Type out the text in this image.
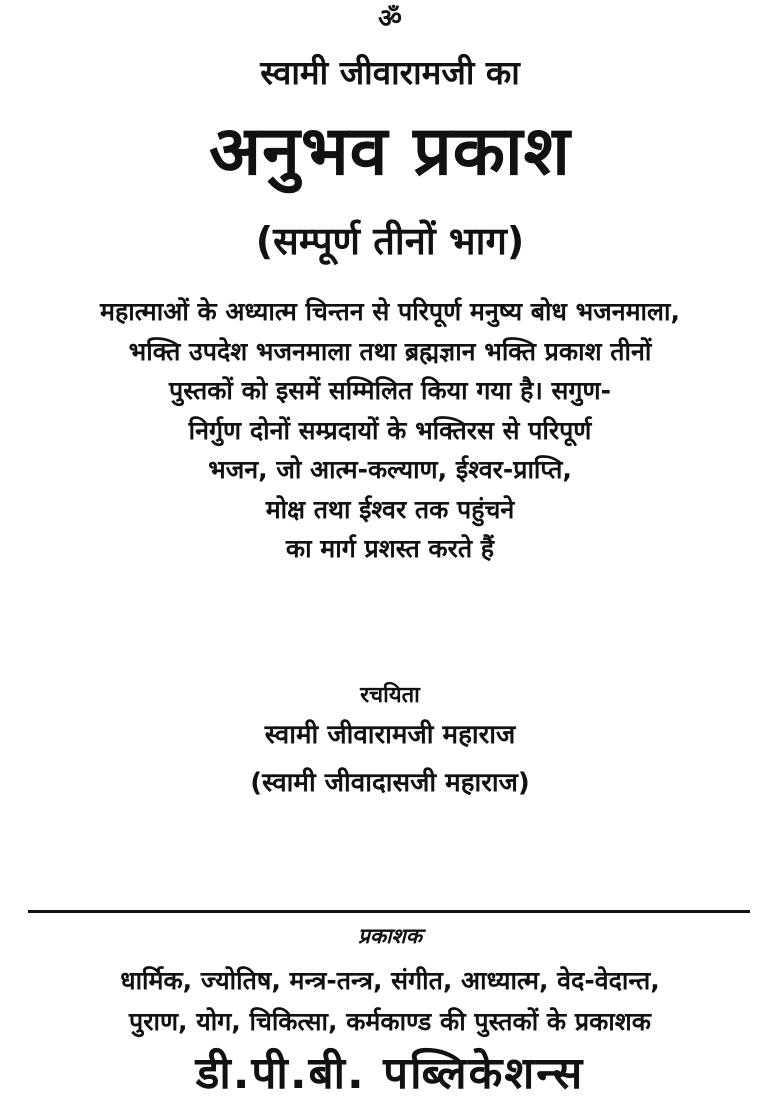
ॐ
स्वामी जीवारामजी का
अनुभव प्रकाश
(सम्पूर्ण तीनों भाग)
महात्माओं के अध्यात्म चिन्तन से परिपूर्ण मनुष्य बोध भजनमाला,
भक्ति उपदेश भजनमाला तथा ब्रह्मज्ञान भक्ति प्रकाश तीनों
पुस्तकों को इसमें सम्मिलित किया गया है। सगुण-
निर्गुण दोनों सम्प्रदायों के भक्तिरस से परिपूर्ण
भजन, जो आत्म-कल्याण, ईश्वर-प्राप्ति,
मोक्ष तथा ईश्वर तक पहुंचने
का मार्ग प्रशस्त करते हैं
रचयिता
स्वामी जीवारामजी महाराज
(स्वामी जीवादासजी महाराज)
प्रकाशक
धार्मिक, ज्योतिष, मन्त्र-तन्त्र, संगीत, आध्यात्म, वेद-वेदान्त,
पुराण, योग, चिकित्सा, कर्मकाण्ड की पुस्तकों के प्रकाशक
डी.पी.बी. पब्लिकेशन्स
